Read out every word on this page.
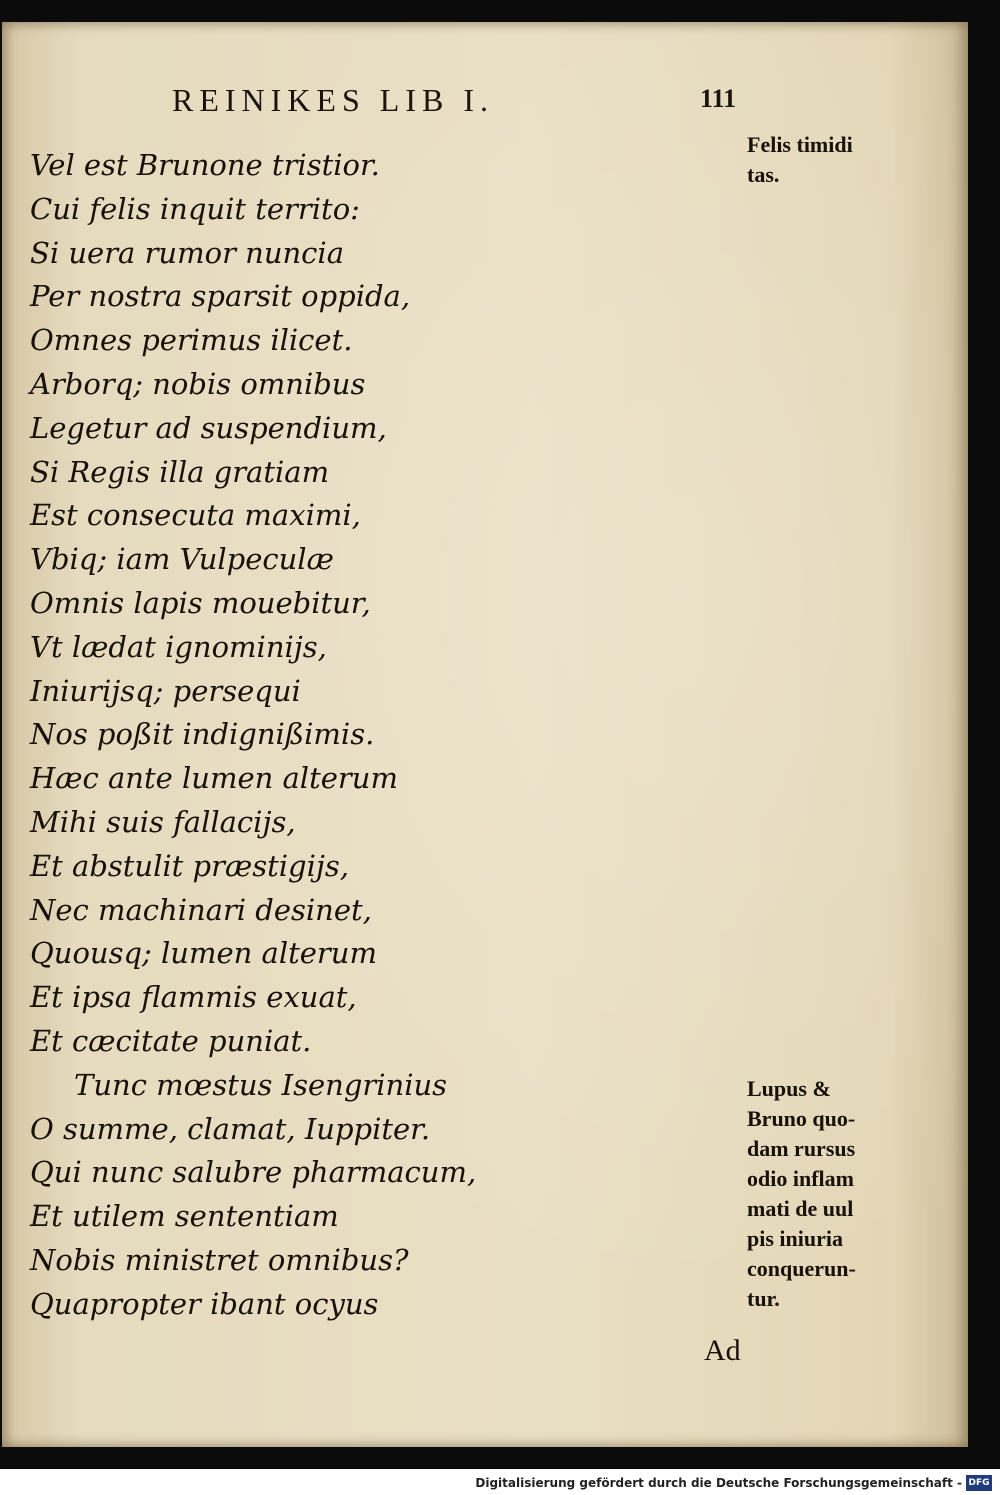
REINIKES LIB I.	111
Vel est Brunone tristior.
Cui felis inquit territo:
Si uera rumor nuncia
Per nostra sparsit oppida,
Omnes perimus ilicet.
Arborq; nobis omnibus
Legetur ad suspendium,
Si Regis illa gratiam
Est consecuta maximi,
Vbiq; iam Vulpeculæ
Omnis lapis mouebitur,
Vt lædat ignominijs,
Iniurijsq; persequi
Nos poßit indignißimis.
Hæc ante lumen alterum
Mihi suis fallacijs,
Et abstulit præstigijs,
Nec machinari desinet,
Quousq; lumen alterum
Et ipsa flammis exuat,
Et cæcitate puniat.
Tunc mœstus Isengrinius
O summe, clamat, Iuppiter.
Qui nunc salubre pharmacum,
Et utilem sententiam
Nobis ministret omnibus?
Quapropter ibant ocyus
Felis timidi
tas.
Lupus &
Bruno quo-
dam rursus
odio inflam
mati de uul
pis iniuria
conquerun-
tur.
Ad
Digitalisierung gefördert durch die Deutsche Forschungsgemeinschaft - DFG
